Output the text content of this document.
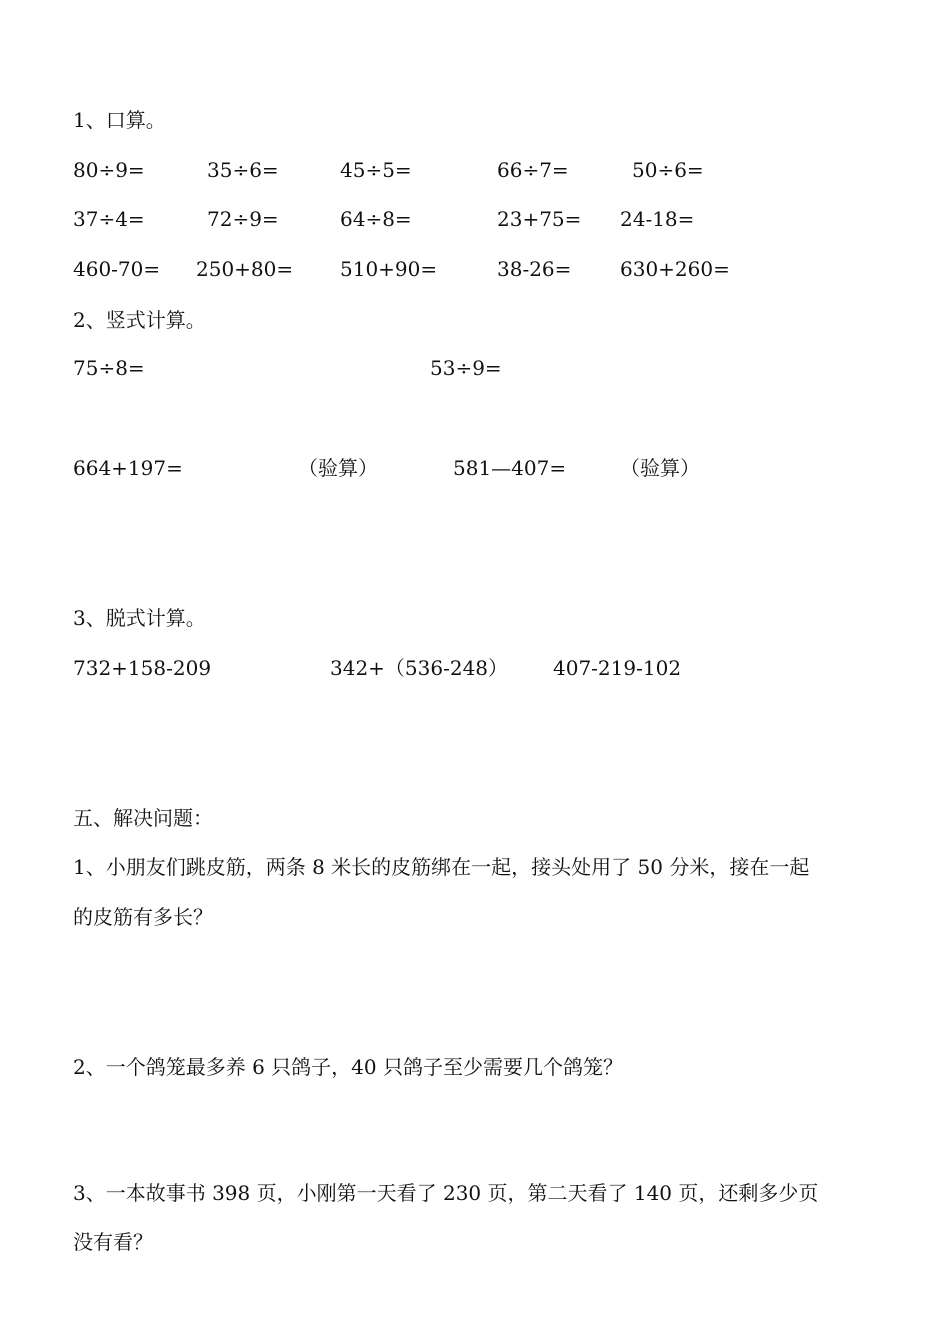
1、口算。
80÷9=	35÷6=	45÷5=	66÷7=	50÷6=
37÷4=	72÷9=	64÷8=	23+75= 24-18=
460-70= 250+80= 510+90=	38-26= 630+260=
2、竖式计算。
75÷8=	53÷9=
664+197=	（验算）	581—407=	（验算）
3、脱式计算。
732+158-209	342+（536-248） 407-219-102
五、解决问题：
1、小朋友们跳皮筋，两条 8 米长的皮筋绑在一起，接头处用了 50 分米，接在一起
的皮筋有多长？
2、一个鸽笼最多养 6 只鸽子，40 只鸽子至少需要几个鸽笼？
3、一本故事书 398 页，小刚第一天看了 230 页，第二天看了 140 页，还剩多少页
没有看？
